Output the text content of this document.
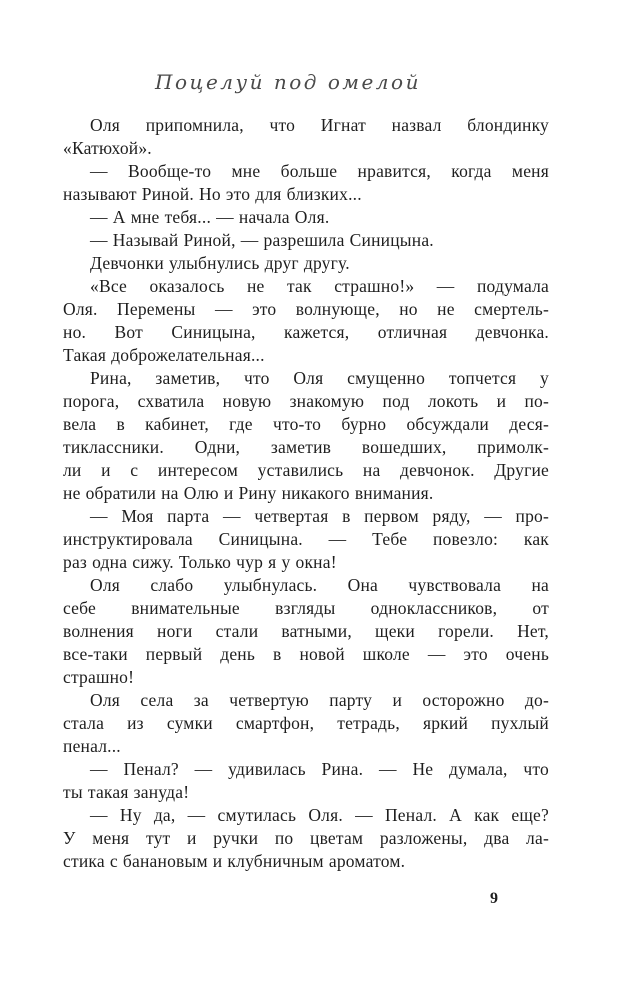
Поцелуй под омелой
Оля припомнила, что Игнат назвал блондинку
«Катюхой».
— Вообще-то мне больше нравится, когда меня
называют Риной. Но это для близких...
— А мне тебя... — начала Оля.
— Называй Риной, — разрешила Синицына.
Девчонки улыбнулись друг другу.
«Все оказалось не так страшно!» — подумала
Оля. Перемены — это волнующе, но не смертель-
но. Вот Синицына, кажется, отличная девчонка.
Такая доброжелательная...
Рина, заметив, что Оля смущенно топчется у
порога, схватила новую знакомую под локоть и по-
вела в кабинет, где что-то бурно обсуждали деся-
тиклассники. Одни, заметив вошедших, примолк-
ли и с интересом уставились на девчонок. Другие
не обратили на Олю и Рину никакого внимания.
— Моя парта — четвертая в первом ряду, — про-
инструктировала Синицына. — Тебе повезло: как
раз одна сижу. Только чур я у окна!
Оля слабо улыбнулась. Она чувствовала на
себе внимательные взгляды одноклассников, от
волнения ноги стали ватными, щеки горели. Нет,
все-таки первый день в новой школе — это очень
страшно!
Оля села за четвертую парту и осторожно до-
стала из сумки смартфон, тетрадь, яркий пухлый
пенал...
— Пенал? — удивилась Рина. — Не думала, что
ты такая зануда!
— Ну да, — смутилась Оля. — Пенал. А как еще?
У меня тут и ручки по цветам разложены, два ла-
стика с банановым и клубничным ароматом.
9
